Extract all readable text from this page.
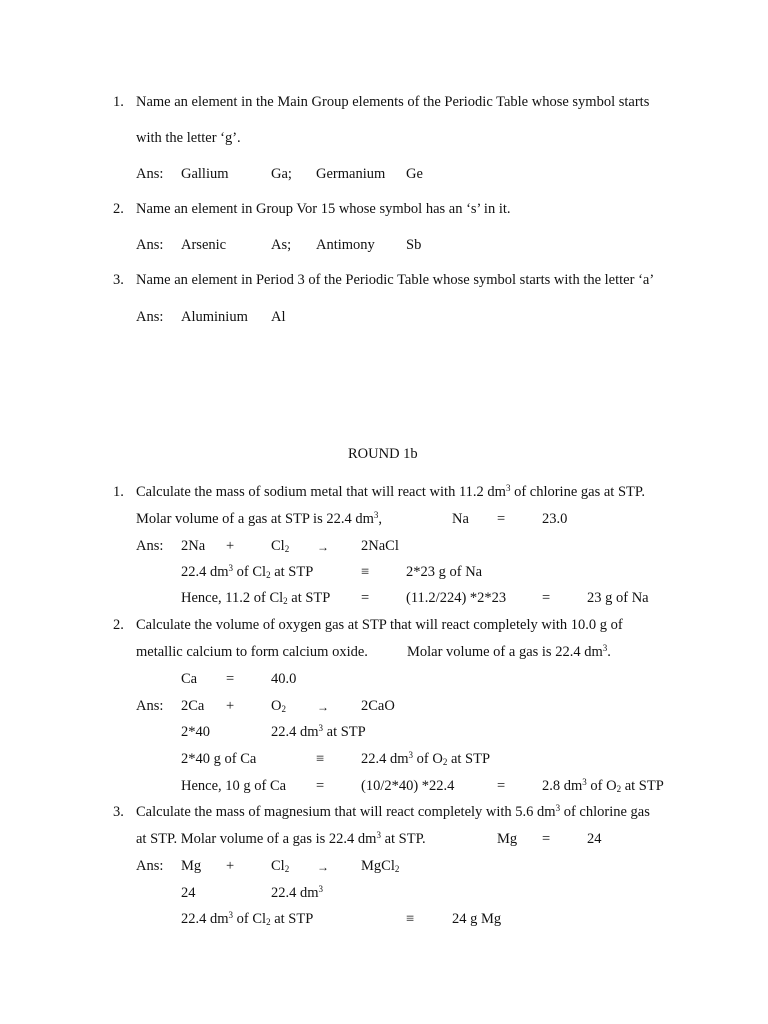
1. Name an element in the Main Group elements of the Periodic Table whose symbol starts
with the letter ‘g’.
Ans: Gallium	Ga; Germanium Ge
2. Name an element in Group Vor 15 whose symbol has an ‘s’ in it.
Ans: Arsenic	As; Antimony Sb
3. Name an element in Period 3 of the Periodic Table whose symbol starts with the letter ‘a’
Ans: Aluminium Al
ROUND 1b
1. Calculate the mass of sodium metal that will react with 11.2 $dm^3$ of chlorine gas at STP.
Molar volume of a gas at STP is 22.4 $dm^3$,	Na =	23.0
Ans: 2Na +	$Cl_2$ → 2NaCl
22.4 $dm^3$ of $Cl_2$ at STP	≡	2*23 g of Na
Hence, 11.2 of $Cl_2$ at STP =	(11.2/224) *2*23 =	23 g of Na
2. Calculate the volume of oxygen gas at STP that will react completely with 10.0 g of
metallic calcium to form calcium oxide.	Molar volume of a gas is 22.4 $dm^3$.
Ca =	40.0
Ans: 2Ca +	$O_2$	→ 2CaO
2*40	22.4 $dm^3$ at STP
2*40 g of Ca	≡	22.4 $dm^3$ of $O_2$ at STP
Hence, 10 g of Ca =	(10/2*40) *22.4	=	2.8 $dm^3$ of $O_2$ at STP
3. Calculate the mass of magnesium that will react completely with 5.6 $dm^3$ of chlorine gas
at STP. Molar volume of a gas is 22.4 $dm^3$ at STP.	Mg =	24
Ans: Mg +	$Cl_2$ → MgCl$_2$
24	22.4 $dm^3$
22.4 $dm^3$ of $Cl_2$ at STP	≡	24 g Mg
